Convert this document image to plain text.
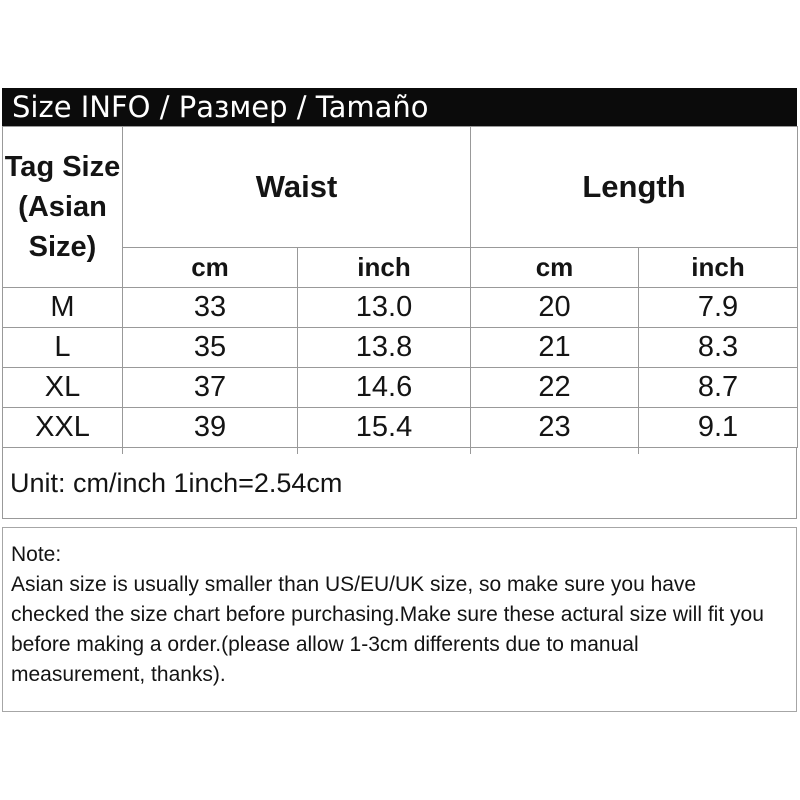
Size INFO / Размер / Tamaño
Tag Size (Asian Size)	Waist		Length	
	cm	inch	cm	inch
M	33	13.0	20	7.9
L	35	13.8	21	8.3
XL	37	14.6	22	8.7
XXL	39	15.4	23	9.1
Unit: cm/inch 1inch=2.54cm
Note:
Asian size is usually smaller than US/EU/UK size, so make sure you have
checked the size chart before purchasing.Make sure these actural size will fit you
before making a order.(please allow 1-3cm differents due to manual
measurement, thanks).
